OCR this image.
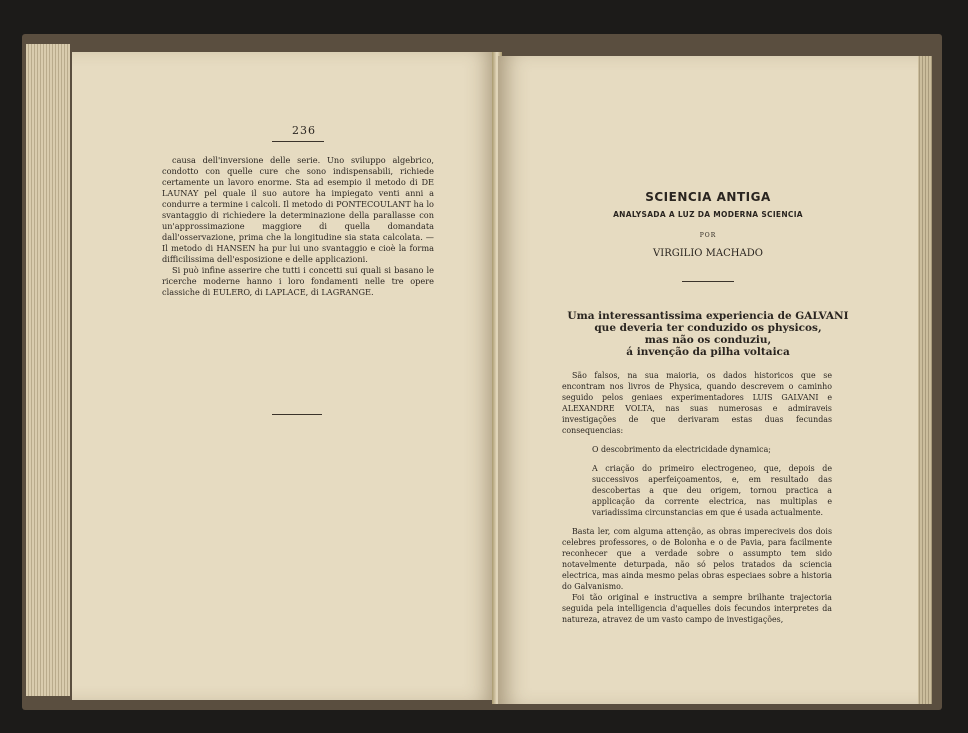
236

causa dell'inversione delle serie. Uno sviluppo algebrico, condotto con quelle cure che sono indispensabili, richiede certamente un lavoro enorme. Sta ad esempio il metodo di DE LAUNAY pel quale il suo autore ha impiegato venti anni a condurre a termine i calcoli. Il metodo di PONTECOULANT ha lo svantaggio di richiedere la determinazione della parallasse con un'approssimazione maggiore di quella domandata dall'osservazione, prima che la longitudine sia stata calcolata. — Il metodo di HANSEN ha pur lui uno svantaggio e cioè la forma difficilissima dell'esposizione e delle applicazioni.

Si può infine asserire che tutti i concetti sui quali si basano le ricerche moderne hanno i loro fondamenti nelle tre opere classiche di EULERO, di LAPLACE, di LAGRANGE.

SCIENCIA ANTIGA
ANALYSADA A LUZ DA MODERNA SCIENCIA
POR
VIRGILIO MACHADO
Uma interessantissima experiencia de GALVANI
que deveria ter conduzido os physicos,
mas não os conduziu,
á invenção da pilha voltaica

São falsos, na sua maioria, os dados historicos que se encontram nos livros de Physica, quando descrevem o caminho seguido pelos geniaes experimentadores LUIS GALVANI e ALEXANDRE VOLTA, nas suas numerosas e admiraveis investigações de que derivaram estas duas fecundas consequencias:

O descobrimento da electricidade dynamica;

A criação do primeiro electrogeneo, que, depois de successivos aperfeiçoamentos, e, em resultado das descobertas a que deu origem, tornou practica a applicação da corrente electrica, nas multiplas e variadissima circunstancias em que é usada actualmente.

Basta ler, com alguma attenção, as obras impereciveis dos dois celebres professores, o de Bolonha e o de Pavia, para facilmente reconhecer que a verdade sobre o assumpto tem sido notavelmente deturpada, não só pelos tratados da sciencia electrica, mas ainda mesmo pelas obras especiaes sobre a historia do Galvanismo.

Foi tão original e instructiva a sempre brilhante trajectoria seguida pela intelligencia d'aquelles dois fecundos interpretes da natureza, atravez de um vasto campo de investigações,
